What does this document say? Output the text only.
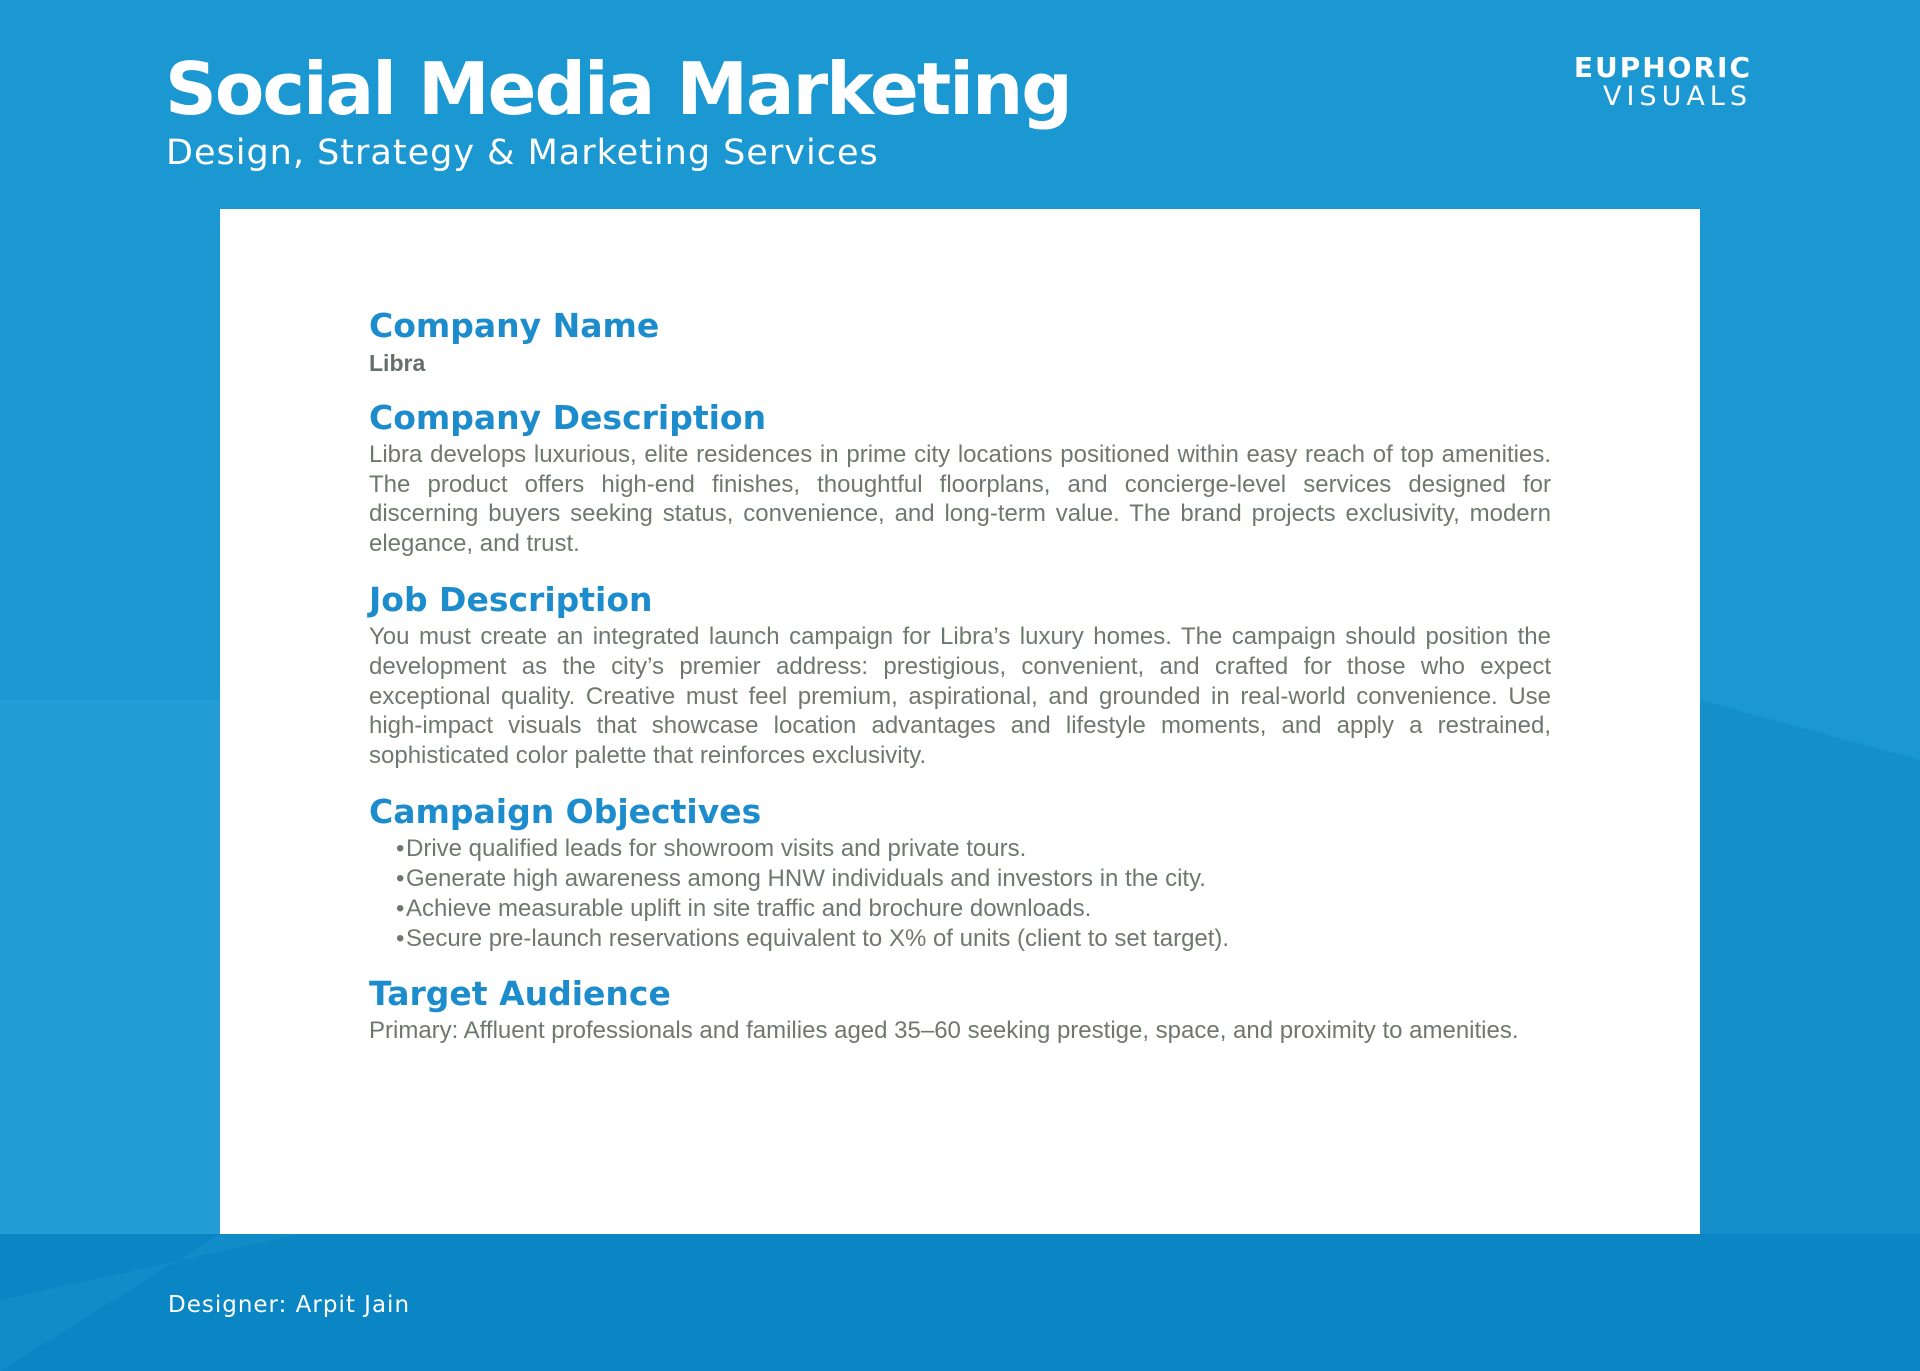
Social Media Marketing
Design, Strategy & Marketing Services
EUPHORIC
VISUALS
Company Name
Libra
Company Description

Libra develops luxurious, elite residences in prime city locations positioned within easy reach of top amenities. The product offers high-end finishes, thoughtful floorplans, and concierge-level services designed for discerning buyers seeking status, convenience, and long-term value. The brand projects exclusivity, modern elegance, and trust.

Job Description

You must create an integrated launch campaign for Libra’s luxury homes. The campaign should position the development as the city’s premier address: prestigious, convenient, and crafted for those who expect exceptional quality. Creative must feel premium, aspirational, and grounded in real-world convenience. Use high-impact visuals that showcase location advantages and lifestyle moments, and apply a restrained, sophisticated color palette that reinforces exclusivity.

Campaign Objectives
•Drive qualified leads for showroom visits and private tours.
•Generate high awareness among HNW individuals and investors in the city.
•Achieve measurable uplift in site traffic and brochure downloads.
•Secure pre-launch reservations equivalent to X% of units (client to set target).
Target Audience

Primary: Affluent professionals and families aged 35–60 seeking prestige, space, and proximity to amenities.

Designer: Arpit Jain
